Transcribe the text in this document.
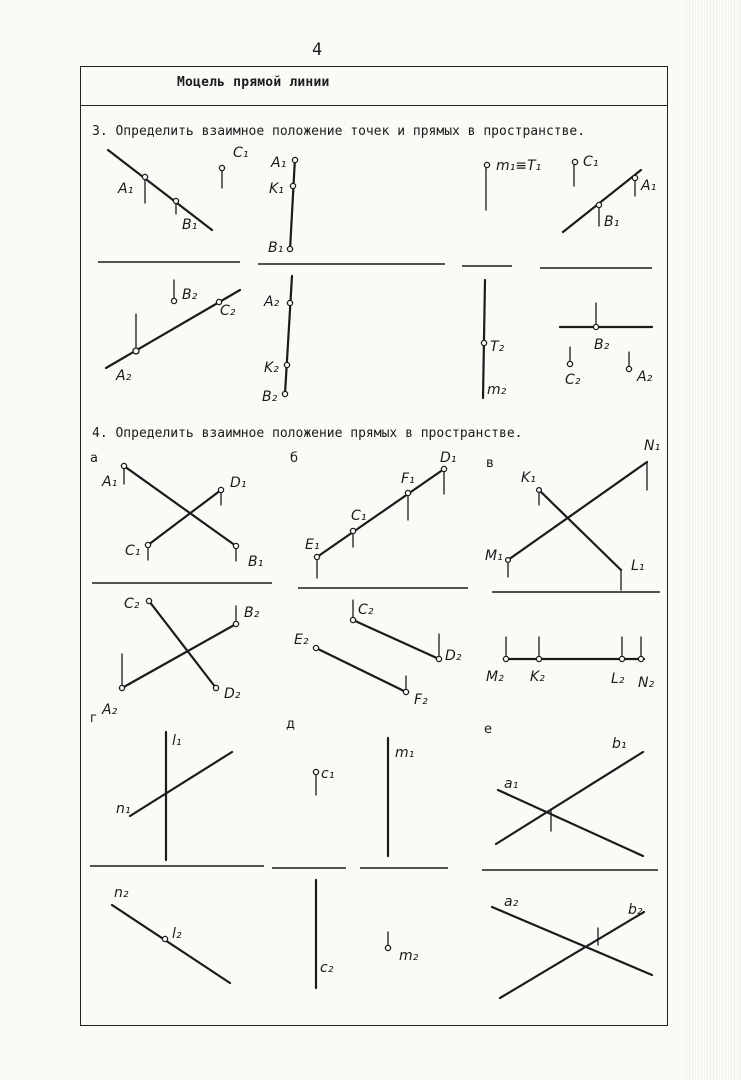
4
Моцель прямой линии
3. Определить взаимное положение точек и прямых в пространстве.
4. Определить взаимное положение прямых в пространстве.
C₁
A₁
B₁
B₂
C₂
A₂
A₁
K₁
B₁
A₂
K₂
B₂
m₁≡T₁
T₂
m₂
C₁
A₁
B₁
B₂
C₂	A₂
а	б	в
г	д	е
A₁	D₁
C₁
B₁
C₂
B₂
A₂
D₂
D₁
F₁
C₁
E₁
C₂
E₂
D₂
F₂
N₁
K₁
M₁
L₁
M₂ K₂	L₂ N₂
l₁
n₁
n₂
l₂
c₁
m₁
c₂
m₂
b₁
a₁
a₂	b₂
